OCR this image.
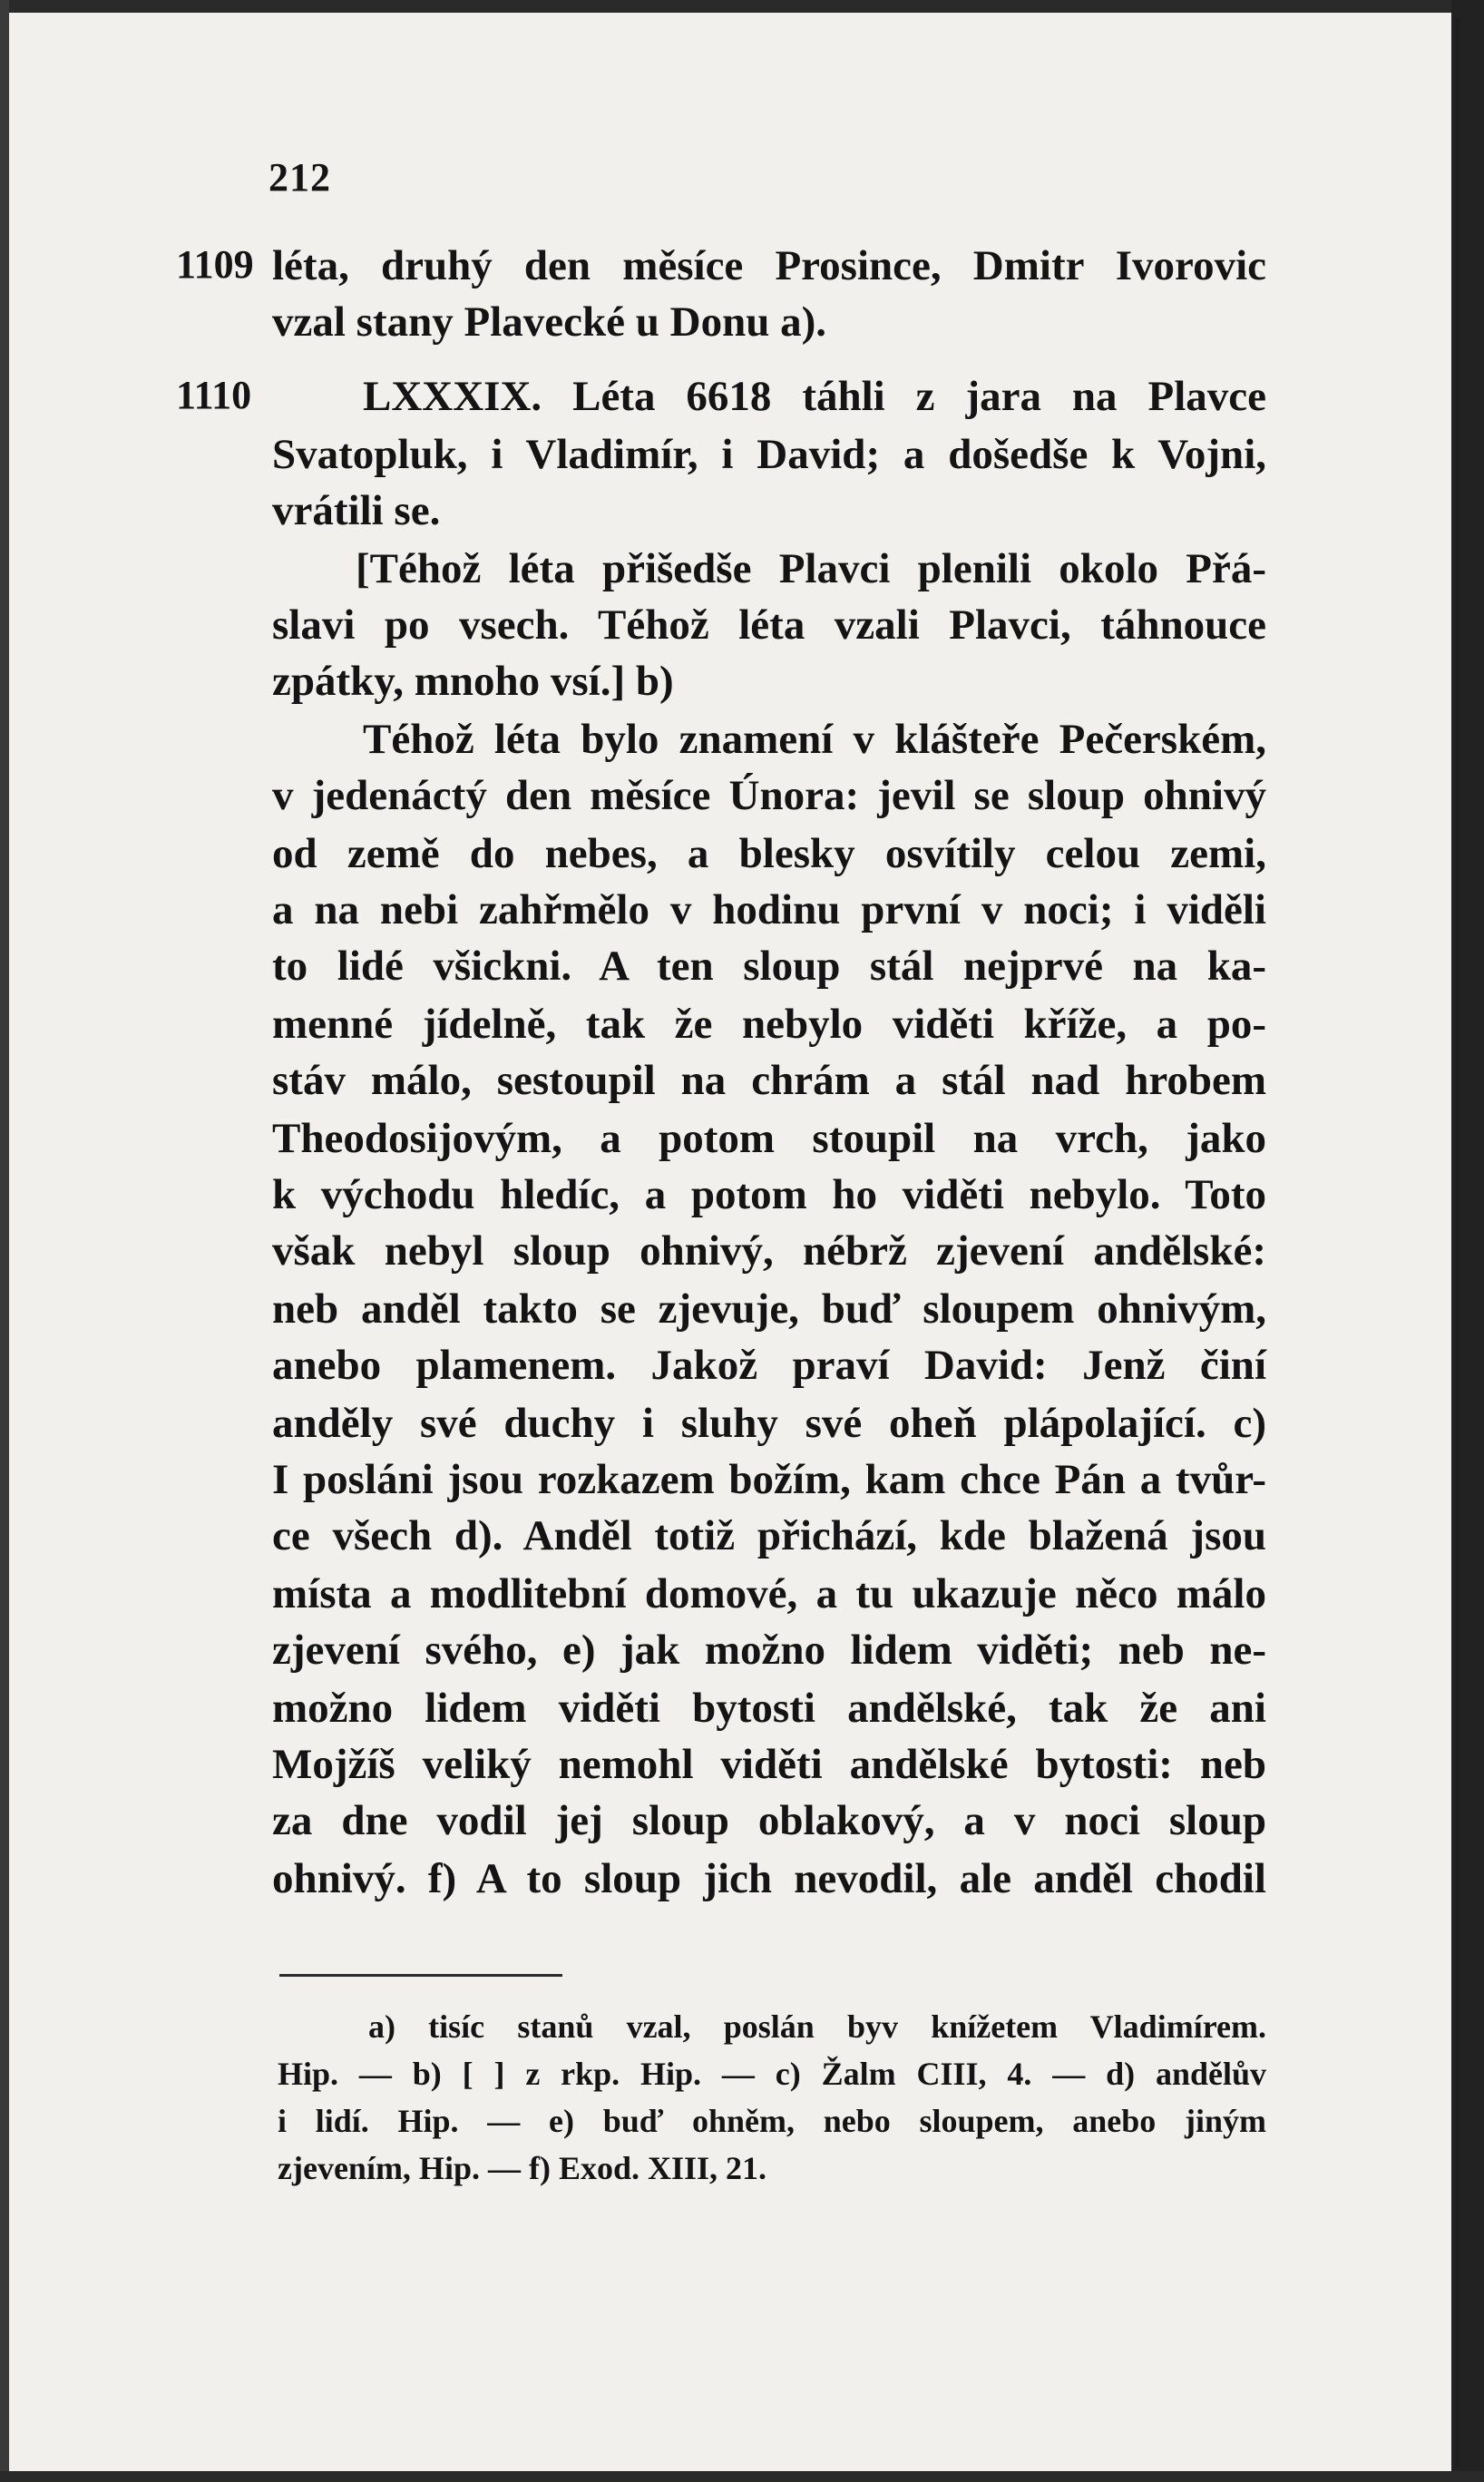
212
1109
1110
léta, druhý den měsíce Prosince, Dmitr Ivorovic
vzal stany Plavecké u Donu a).
LXXXIX. Léta 6618 táhli z jara na Plavce
Svatopluk, i Vladimír, i David; a došedše k Vojni,
vrátili se.
[Téhož léta přišedše Plavci plenili okolo Přá-
slavi po vsech. Téhož léta vzali Plavci, táhnouce
zpátky, mnoho vsí.] b)
Téhož léta bylo znamení v klášteře Pečerském,
v jedenáctý den měsíce Února: jevil se sloup ohnivý
od země do nebes, a blesky osvítily celou zemi,
a na nebi zahřmělo v hodinu první v noci; i viděli
to lidé všickni. A ten sloup stál nejprvé na ka-
menné jídelně, tak že nebylo viděti kříže, a po-
stáv málo, sestoupil na chrám a stál nad hrobem
Theodosijovým, a potom stoupil na vrch, jako
k východu hledíc, a potom ho viděti nebylo. Toto
však nebyl sloup ohnivý, nébrž zjevení andělské:
neb anděl takto se zjevuje, buď sloupem ohnivým,
anebo plamenem. Jakož praví David: Jenž činí
anděly své duchy i sluhy své oheň plápolající. c)
I posláni jsou rozkazem božím, kam chce Pán a tvůr-
ce všech d). Anděl totiž přichází, kde blažená jsou
místa a modlitební domové, a tu ukazuje něco málo
zjevení svého, e) jak možno lidem viděti; neb ne-
možno lidem viděti bytosti andělské, tak že ani
Mojžíš veliký nemohl viděti andělské bytosti: neb
za dne vodil jej sloup oblakový, a v noci sloup
ohnivý. f) A to sloup jich nevodil, ale anděl chodil
a) tisíc stanů vzal, poslán byv knížetem Vladimírem.
Hip. — b) [ ] z rkp. Hip. — c) Žalm CIII, 4. — d) andělův
i lidí. Hip. — e) buď ohněm, nebo sloupem, anebo jiným
zjevením, Hip. — f) Exod. XIII, 21.
